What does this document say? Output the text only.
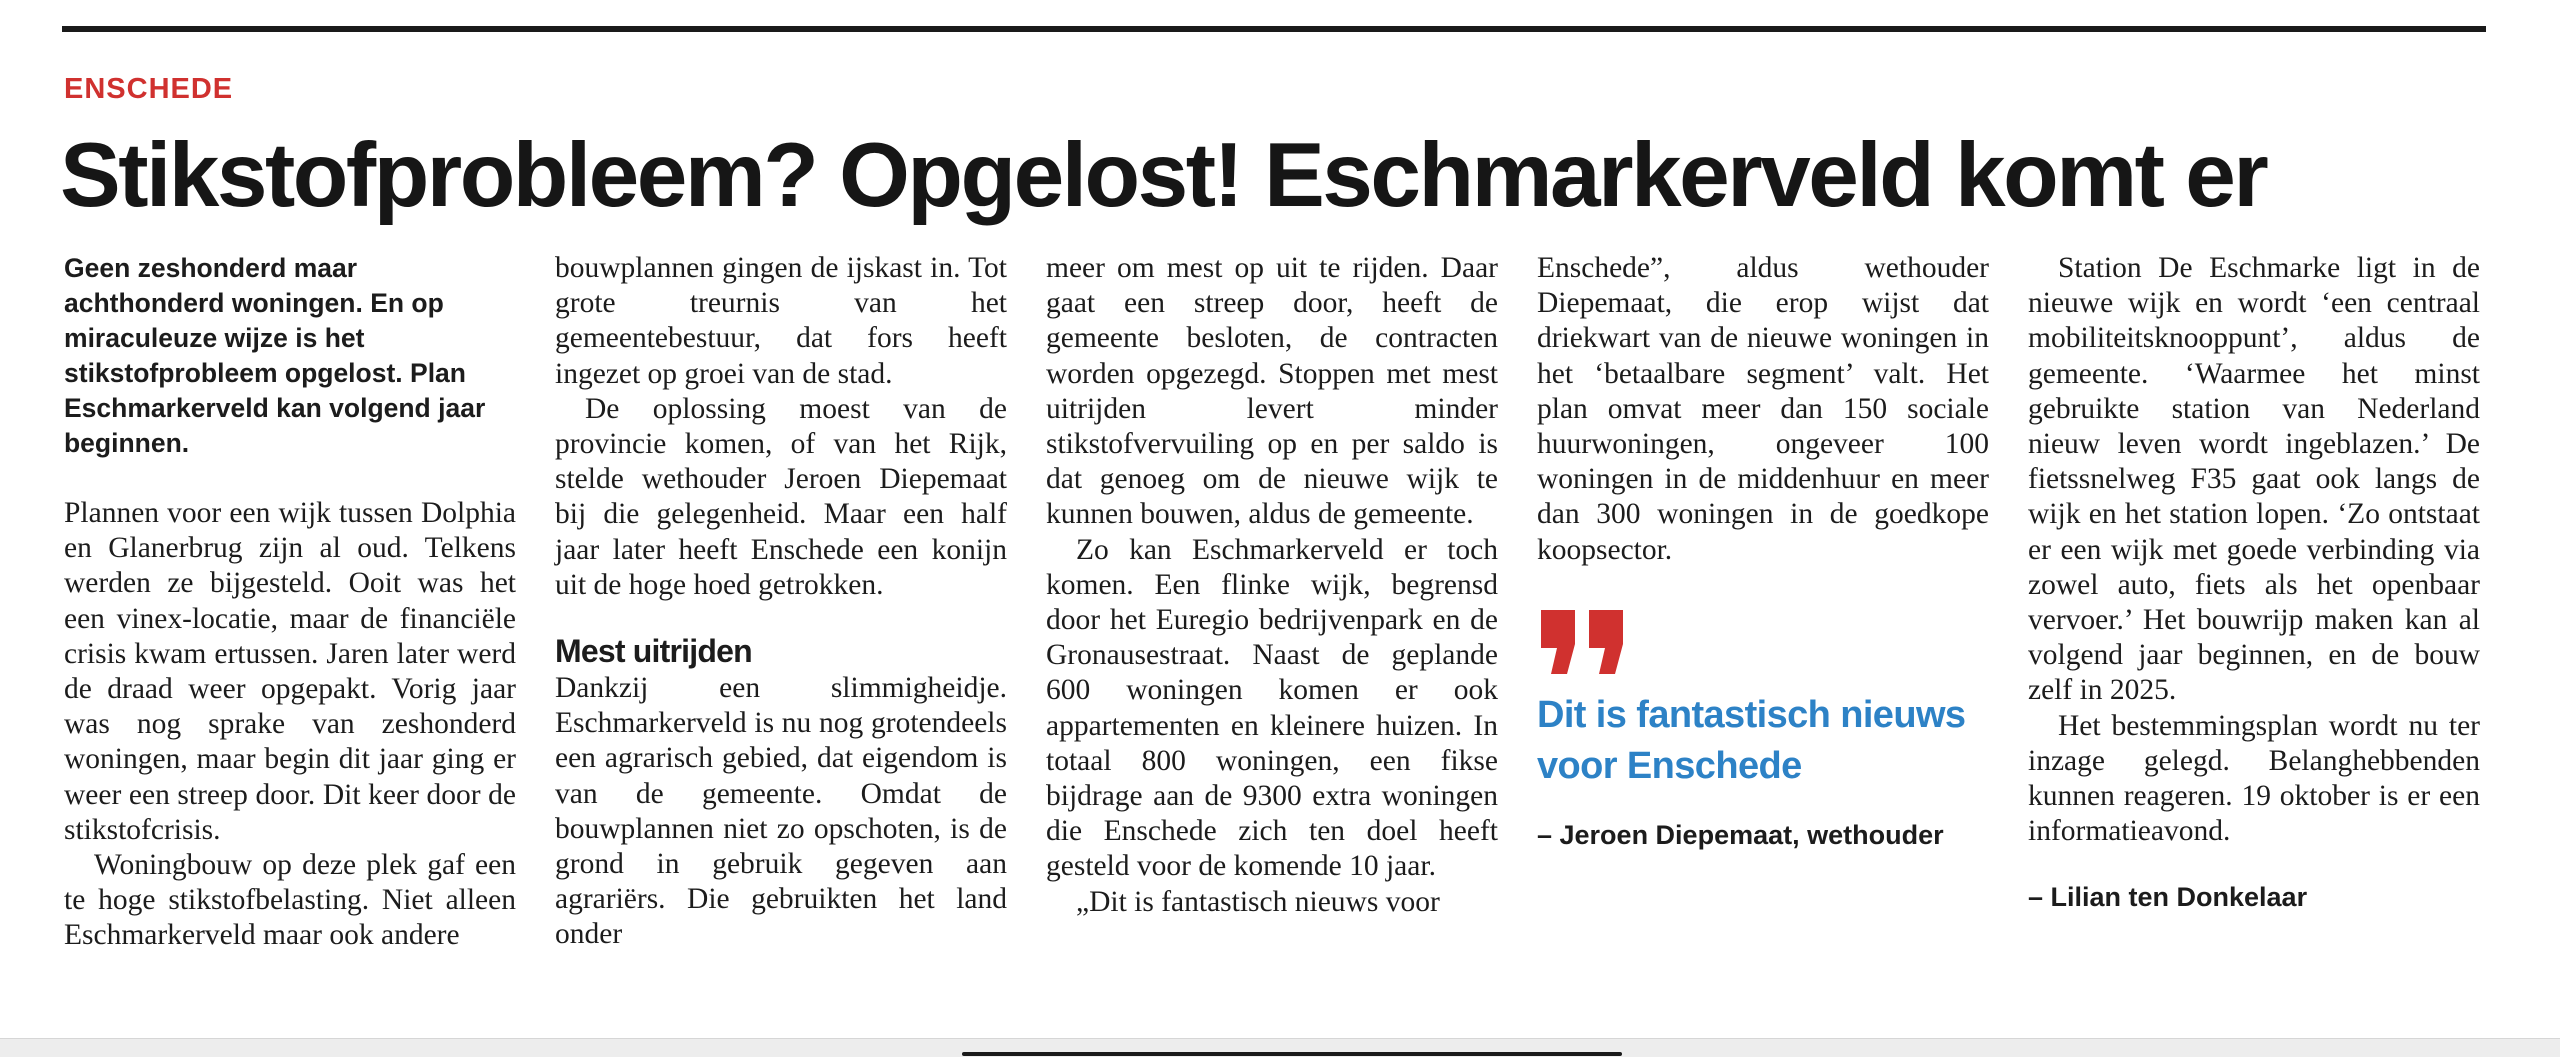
ENSCHEDE
Stikstofprobleem? Opgelost! Eschmarkerveld komt er

Geen zeshonderd maar achthonderd woningen. En op miraculeuze wijze is het stikstofprobleem opgelost. Plan Eschmarkerveld kan volgend jaar beginnen.

Plannen voor een wijk tussen Dolphia en Glanerbrug zijn al oud. Telkens werden ze bijgesteld. Ooit was het een vinex-locatie, maar de financiële crisis kwam ertussen. Jaren later werd de draad weer opgepakt. Vorig jaar was nog sprake van zeshonderd woningen, maar begin dit jaar ging er weer een streep door. Dit keer door de stikstofcrisis.

Woningbouw op deze plek gaf een te hoge stikstofbelasting. Niet alleen Eschmarkerveld maar ook andere

bouwplannen gingen de ijskast in. Tot grote treurnis van het gemeentebestuur, dat fors heeft ingezet op groei van de stad.

De oplossing moest van de provincie komen, of van het Rijk, stelde wethouder Jeroen Diepemaat bij die gelegenheid. Maar een half jaar later heeft Enschede een konijn uit de hoge hoed getrokken.

Mest uitrijden

Dankzij een slimmigheidje. Eschmarkerveld is nu nog grotendeels een agrarisch gebied, dat eigendom is van de gemeente. Omdat de bouwplannen niet zo opschoten, is de grond in gebruik gegeven aan agrariërs. Die gebruikten het land onder

meer om mest op uit te rijden. Daar gaat een streep door, heeft de gemeente besloten, de contracten worden opgezegd. Stoppen met mest uitrijden levert minder stikstofvervuiling op en per saldo is dat genoeg om de nieuwe wijk te kunnen bouwen, aldus de gemeente.

Zo kan Eschmarkerveld er toch komen. Een flinke wijk, begrensd door het Euregio bedrijvenpark en de Gronausestraat. Naast de geplande 600 woningen komen er ook appartementen en kleinere huizen. In totaal 800 woningen, een fikse bijdrage aan de 9300 extra woningen die Enschede zich ten doel heeft gesteld voor de komende 10 jaar.

„Dit is fantastisch nieuws voor

Enschede”, aldus wethouder Diepemaat, die erop wijst dat driekwart van de nieuwe woningen in het ‘betaalbare segment’ valt. Het plan omvat meer dan 150 sociale huurwoningen, ongeveer 100 woningen in de middenhuur en meer dan 300 woningen in de goedkope koopsector.

Dit is fantastisch nieuws voor Enschede

– Jeroen Diepemaat, wethouder

Station De Eschmarke ligt in de nieuwe wijk en wordt ‘een centraal mobiliteitsknooppunt’, aldus de gemeente. ‘Waarmee het minst gebruikte station van Nederland nieuw leven wordt ingeblazen.’ De fietssnelweg F35 gaat ook langs de wijk en het station lopen. ‘Zo ontstaat er een wijk met goede verbinding via zowel auto, fiets als het openbaar vervoer.’ Het bouwrijp maken kan al volgend jaar beginnen, en de bouw zelf in 2025.

Het bestemmingsplan wordt nu ter inzage gelegd. Belanghebbenden kunnen reageren. 19 oktober is er een informatieavond.

– Lilian ten Donkelaar
